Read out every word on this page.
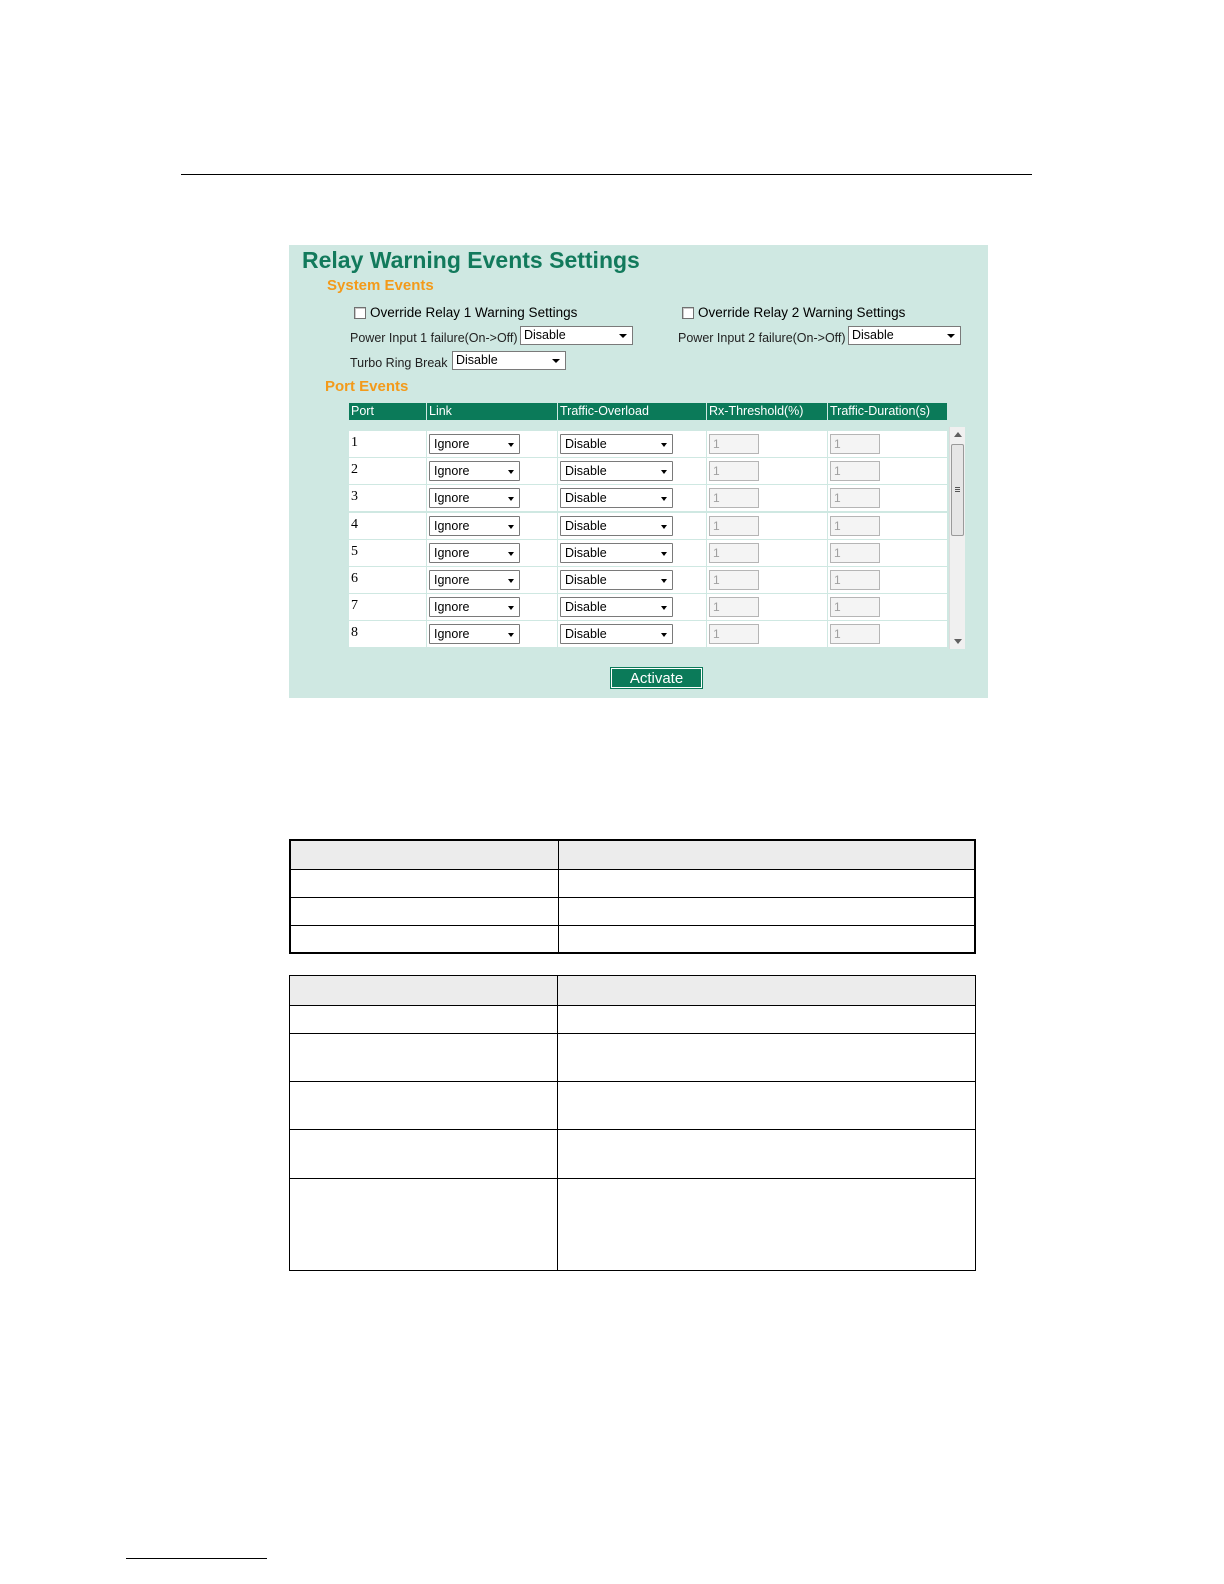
Relay Warning Events Settings
System Events
Override Relay 1 Warning Settings	Override Relay 2 Warning Settings
Power Input 1 failure(On->Off) Disable	Power Input 2 failure(On->Off) Disable
Turbo Ring Break Disable
Port Events
Port	Link	Traffic-Overload	Rx-Threshold(%)	Traffic-Duration(s)
1	Ignore	Disable	1	1
2	Ignore	Disable	1	1
3	Ignore	Disable	1	1
4	Ignore	Disable	1	1
5	Ignore	Disable	1	1
6	Ignore	Disable	1	1
7	Ignore	Disable	1	1
8	Ignore	Disable	1	1
Activate
